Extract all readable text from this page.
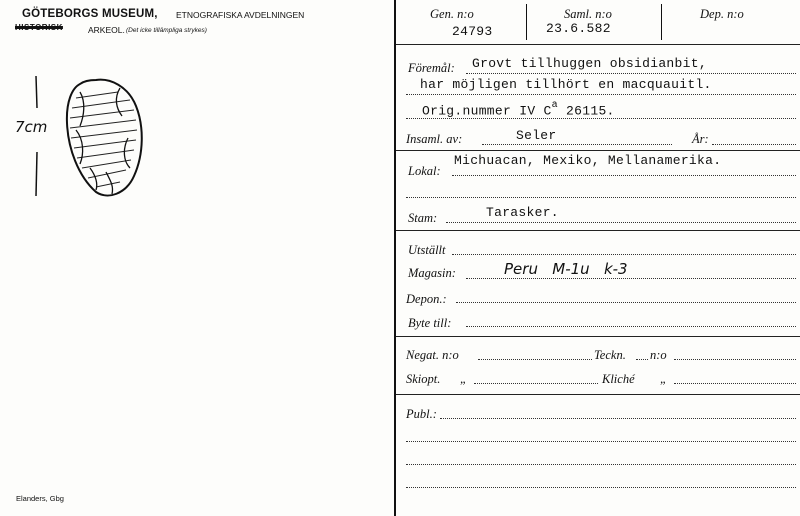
GÖTEBORGS MUSEUM, ETNOGRAFISKA AVDELNINGEN
HISTORISK	ARKEOL. (Det icke tillämpliga strykes)
7cm
Elanders, Gbg
Gen. n:o
24793
Saml. n:o
23.6.582
Dep. n:o
Föremål: Grovt tillhuggen obsidianbit,
har möjligen tillhört en macquauitl.
Orig.nummer IV $C^a$ 26115.
Insaml. av:	Seler	År:
Lokal:
Michuacan, Mexiko, Mellanamerika.
Stam:	Tarasker.
Utställt
Magasin:	Peru   M-1u   k-3
Depon.:
Byte till:
Negat. n:o	Teckn. n:o
Skiopt. „	Kliché „
Publ.:
